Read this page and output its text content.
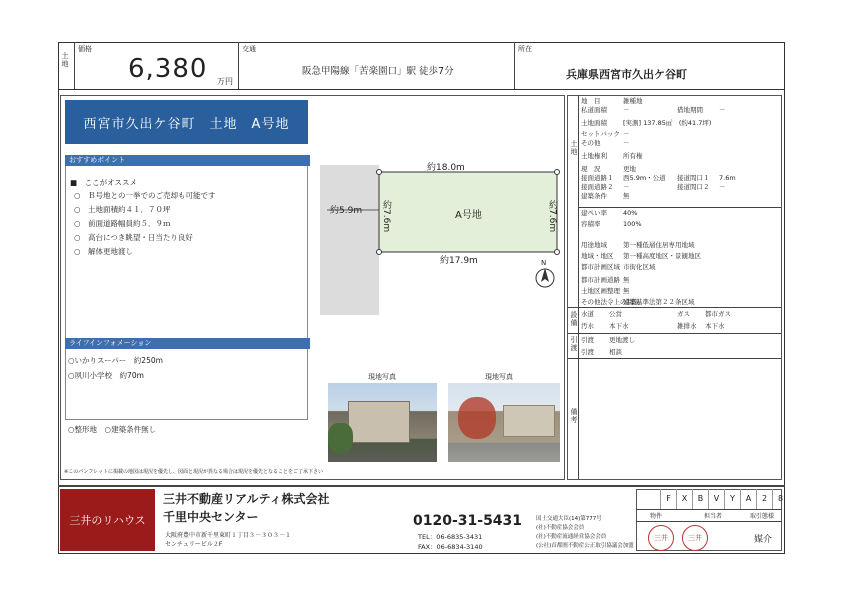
土地
価格
6,380 万円
交通
阪急甲陽線「苦楽園口」駅 徒歩7分
所在
兵庫県西宮市久出ケ谷町
西宮市久出ケ谷町　土地　A号地
おすすめポイント
■　ここがオススメ
○　Ｂ号地との一挙でのご売却も可能です
○　土地面積約４１．７０坪
○　前面道路幅員約５．９ｍ
○　高台につき眺望・日当たり良好
○　解体更地渡し
ライフインフォメーション
○いかりスーパー　約250m
○夙川小学校　約70m
○整形地　○建築条件無し
※このパンフレットに掲載の地図は現況を優先し、図面と現況が異なる場合は現況を優先となることをご了承下さい
約18.0m
約17.9m
約7.6m	約7.6m
約5.9m	A号地
N
現地写真	現地写真
土地
地　目	雑種地
私道面積	－	借地期間	－
土地面積	[実測] 137.85㎡　(約41.7坪)
セットバック －
その他	－
土地権利	所有権
現　況	更地
接面道路１	西5.9m・公道	接道間口１	7.6m
接面道路２	－	接道間口２	－
建築条件	無
建ぺい率	40%
容積率	100%
用途地域	第一種低層住居専用地域
地域・地区	第一種高度地区・景観地区
都市計画区域 市街化区域
都市計画道路 無
土地区画整理 無
その他法令上の制限
建築基準法第２２条区域
設備 水道	公営	ガス	都市ガス
汚水	本下水	雑排水	本下水
引渡 引渡	更地渡し
引渡	相談
備考
三井のリハウス
三井不動産リアルティ株式会社
千里中央センター
大阪府豊中市新千里東町１丁目３－３０３－１
センチュリービル２F
0120-31-5431
TEL：06-6835-3431
FAX：06-6834-3140
国土交通大臣(14)第777号
(社)不動産協会会員
(社)不動産流通経営協会会員
(公社)首都圏不動産公正取引協議会加盟
F	X	B	V	Y	A	2	8
物件	担当者	取引態様
三井	三井	媒介
